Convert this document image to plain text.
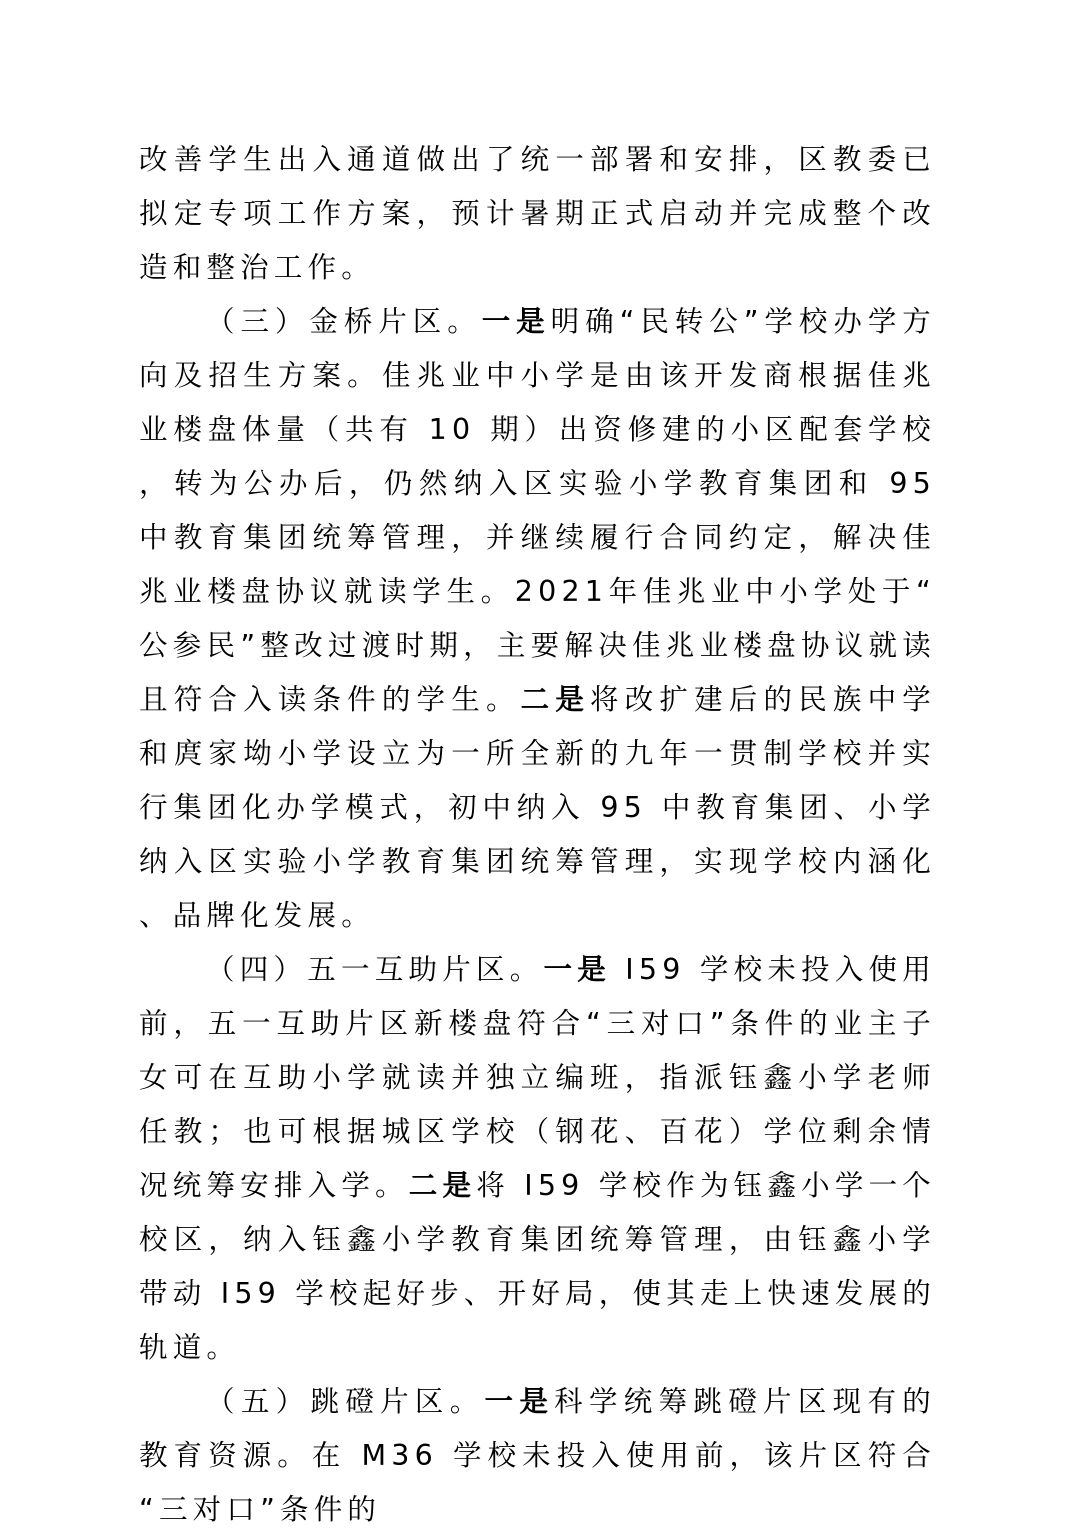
改善学生出入通道做出了统一部署和安排，区教委已拟定专项工作方案，预计暑期正式启动并完成整个改造和整治工作。

（三）金桥片区。一是明确“民转公”学校办学方向及招生方案。佳兆业中小学是由该开发商根据佳兆业楼盘体量（共有 10 期）出资修建的小区配套学校，转为公办后，仍然纳入区实验小学教育集团和 95 中教育集团统筹管理，并继续履行合同约定，解决佳兆业楼盘协议就读学生。2021年佳兆业中小学处于“公参民”整改过渡时期，主要解决佳兆业楼盘协议就读且符合入读条件的学生。二是将改扩建后的民族中学和庹家坳小学设立为一所全新的九年一贯制学校并实行集团化办学模式，初中纳入 95 中教育集团、小学纳入区实验小学教育集团统筹管理，实现学校内涵化、品牌化发展。

（四）五一互助片区。一是 I59 学校未投入使用前，五一互助片区新楼盘符合“三对口”条件的业主子女可在互助小学就读并独立编班，指派钰鑫小学老师任教；也可根据城区学校（钢花、百花）学位剩余情况统筹安排入学。二是将 I59 学校作为钰鑫小学一个校区，纳入钰鑫小学教育集团统筹管理，由钰鑫小学带动 I59 学校起好步、开好局，使其走上快速发展的轨道。

（五）跳磴片区。一是科学统筹跳磴片区现有的教育资源。在 M36 学校未投入使用前，该片区符合“三对口”条件的
